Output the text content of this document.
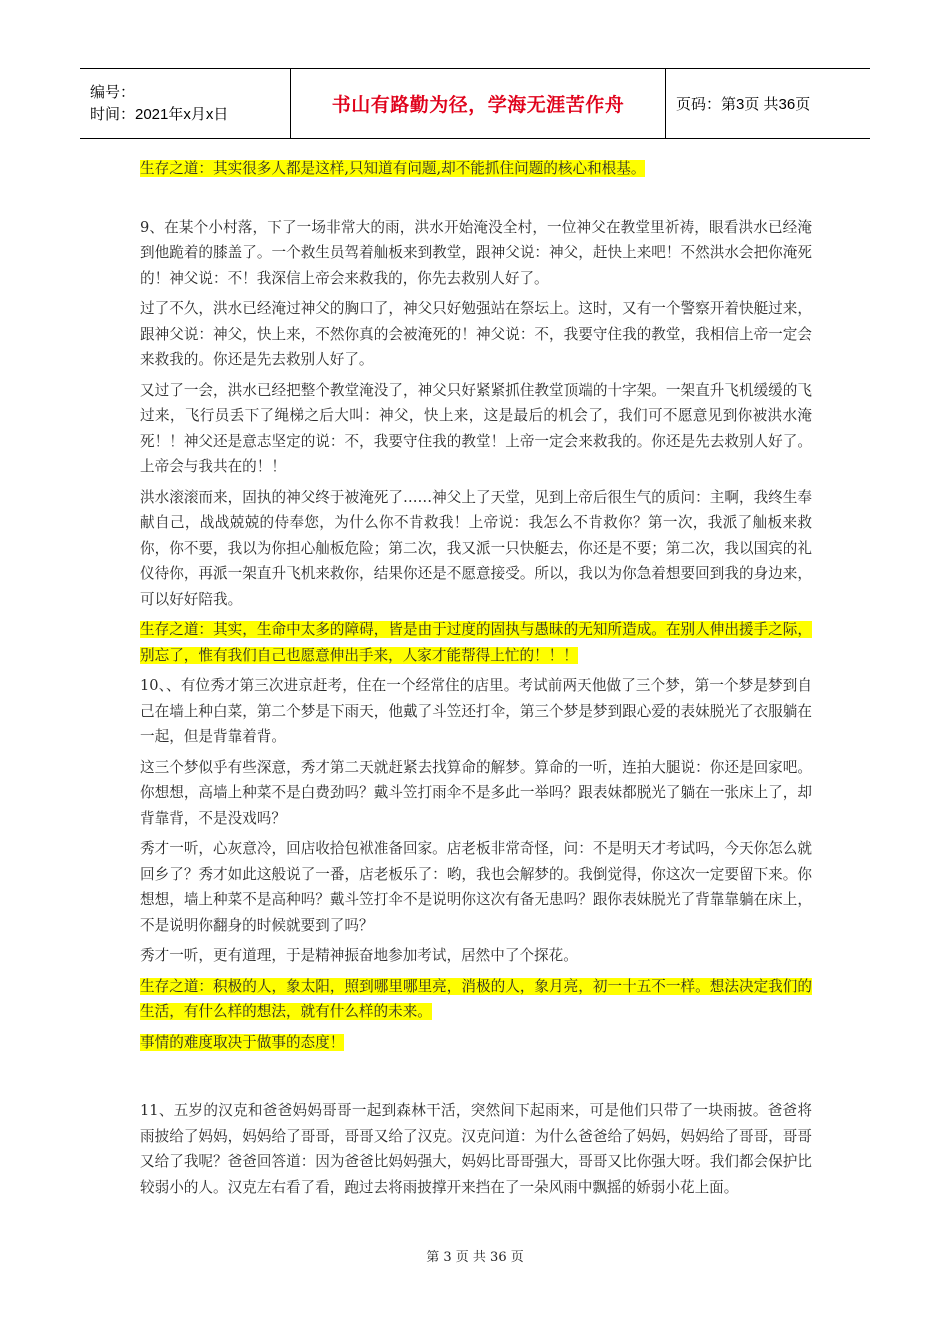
编号：
时间：2021年x月x日	书山有路勤为径，学海无涯苦作舟	页码：第3页 共36页

生存之道：其实很多人都是这样,只知道有问题,却不能抓住问题的核心和根基。

9、在某个小村落，下了一场非常大的雨，洪水开始淹没全村，一位神父在教堂里祈祷，眼看洪水已经淹到他跪着的膝盖了。一个救生员驾着舢板来到教堂，跟神父说：神父，赶快上来吧！不然洪水会把你淹死的！神父说：不！我深信上帝会来救我的，你先去救别人好了。

过了不久，洪水已经淹过神父的胸口了，神父只好勉强站在祭坛上。这时，又有一个警察开着快艇过来，跟神父说：神父，快上来，不然你真的会被淹死的！神父说：不，我要守住我的教堂，我相信上帝一定会来救我的。你还是先去救别人好了。

又过了一会，洪水已经把整个教堂淹没了，神父只好紧紧抓住教堂顶端的十字架。一架直升飞机缓缓的飞过来，飞行员丢下了绳梯之后大叫：神父，快上来，这是最后的机会了，我们可不愿意见到你被洪水淹死！！神父还是意志坚定的说：不，我要守住我的教堂！上帝一定会来救我的。你还是先去救别人好了。上帝会与我共在的！！

洪水滚滚而来，固执的神父终于被淹死了……神父上了天堂，见到上帝后很生气的质问：主啊，我终生奉献自己，战战兢兢的侍奉您，为什么你不肯救我！上帝说：我怎么不肯救你？第一次，我派了舢板来救你，你不要，我以为你担心舢板危险；第二次，我又派一只快艇去，你还是不要；第二次，我以国宾的礼仪待你，再派一架直升飞机来救你，结果你还是不愿意接受。所以，我以为你急着想要回到我的身边来，可以好好陪我。

生存之道：其实，生命中太多的障碍，皆是由于过度的固执与愚昧的无知所造成。在别人伸出援手之际，别忘了，惟有我们自己也愿意伸出手来，人家才能帮得上忙的！！！

10、、有位秀才第三次进京赶考，住在一个经常住的店里。考试前两天他做了三个梦，第一个梦是梦到自己在墙上种白菜，第二个梦是下雨天，他戴了斗笠还打伞，第三个梦是梦到跟心爱的表妹脱光了衣服躺在一起，但是背靠着背。

这三个梦似乎有些深意，秀才第二天就赶紧去找算命的解梦。算命的一听，连拍大腿说：你还是回家吧。你想想，高墙上种菜不是白费劲吗？戴斗笠打雨伞不是多此一举吗？跟表妹都脱光了躺在一张床上了，却背靠背，不是没戏吗？

秀才一听，心灰意冷，回店收拾包袱准备回家。店老板非常奇怪，问：不是明天才考试吗，今天你怎么就回乡了？秀才如此这般说了一番，店老板乐了：哟，我也会解梦的。我倒觉得，你这次一定要留下来。你想想，墙上种菜不是高种吗？戴斗笠打伞不是说明你这次有备无患吗？跟你表妹脱光了背靠靠躺在床上，不是说明你翻身的时候就要到了吗？

秀才一听，更有道理，于是精神振奋地参加考试，居然中了个探花。

生存之道：积极的人，象太阳，照到哪里哪里亮，消极的人，象月亮，初一十五不一样。想法决定我们的生活，有什么样的想法，就有什么样的未来。

事情的难度取决于做事的态度！

11、五岁的汉克和爸爸妈妈哥哥一起到森林干活，突然间下起雨来，可是他们只带了一块雨披。爸爸将雨披给了妈妈，妈妈给了哥哥，哥哥又给了汉克。汉克问道：为什么爸爸给了妈妈，妈妈给了哥哥，哥哥又给了我呢？爸爸回答道：因为爸爸比妈妈强大，妈妈比哥哥强大，哥哥又比你强大呀。我们都会保护比较弱小的人。汉克左右看了看，跑过去将雨披撑开来挡在了一朵风雨中飘摇的娇弱小花上面。

第 3 页 共 36 页
